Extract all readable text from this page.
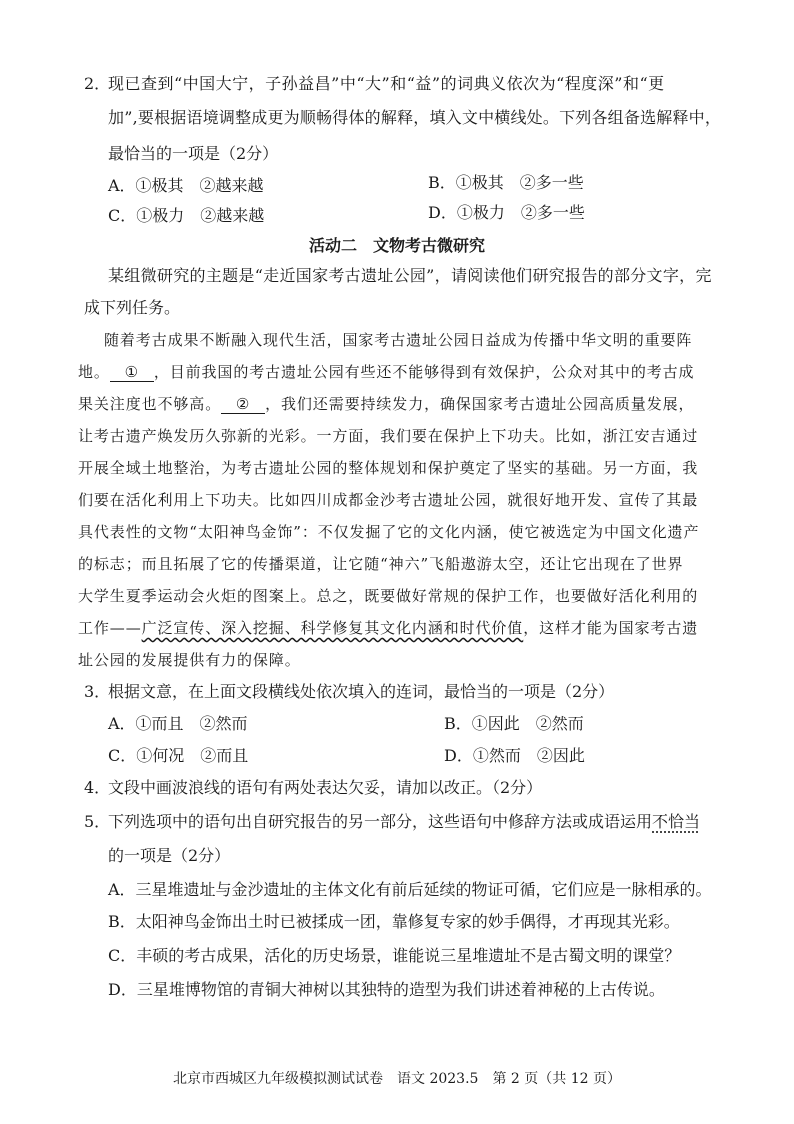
2．
现已查到“中国大宁，子孙益昌”中“大”和“益”的词典义依次为“程度深”和“更
加”,要根据语境调整成更为顺畅得体的解释，填入文中横线处。下列各组备选解释中，
最恰当的一项是（2分）
A．①极其　②越来越	B．①极其　②多一些
C．①极力　②越来越	D．①极力　②多一些
活动二　文物考古微研究
某组微研究的主题是“走近国家考古遗址公园”，请阅读他们研究报告的部分文字，完
成下列任务。
随着考古成果不断融入现代生活，国家考古遗址公园日益成为传播中华文明的重要阵
地。 ① ，目前我国的考古遗址公园有些还不能够得到有效保护，公众对其中的考古成
果关注度也不够高。 ② ，我们还需要持续发力，确保国家考古遗址公园高质量发展，
让考古遗产焕发历久弥新的光彩。一方面，我们要在保护上下功夫。比如，浙江安吉通过
开展全域土地整治，为考古遗址公园的整体规划和保护奠定了坚实的基础。另一方面，我
们要在活化利用上下功夫。比如四川成都金沙考古遗址公园，就很好地开发、宣传了其最
具代表性的文物“太阳神鸟金饰”：不仅发掘了它的文化内涵，使它被选定为中国文化遗产
的标志；而且拓展了它的传播渠道，让它随“神六”飞船遨游太空，还让它出现在了世界
大学生夏季运动会火炬的图案上。总之，既要做好常规的保护工作，也要做好活化利用的
工作——广泛宣传、深入挖掘、科学修复其文化内涵和时代价值，这样才能为国家考古遗
址公园的发展提供有力的保障。
3．
根据文意，在上面文段横线处依次填入的连词，最恰当的一项是（2分）
A．①而且　②然而	B．①因此　②然而
C．①何况　②而且	D．①然而　②因此
4．
文段中画波浪线的语句有两处表达欠妥，请加以改正。（2分）
5．
下列选项中的语句出自研究报告的另一部分，这些语句中修辞方法或成语运用不恰当
的一项是（2分）
A．三星堆遗址与金沙遗址的主体文化有前后延续的物证可循，它们应是一脉相承的。
B．太阳神鸟金饰出土时已被揉成一团，靠修复专家的妙手偶得，才再现其光彩。
C．丰硕的考古成果，活化的历史场景，谁能说三星堆遗址不是古蜀文明的课堂？
D．三星堆博物馆的青铜大神树以其独特的造型为我们讲述着神秘的上古传说。
北京市西城区九年级模拟测试试卷　语文 2023.5　第 2 页（共 12 页）
